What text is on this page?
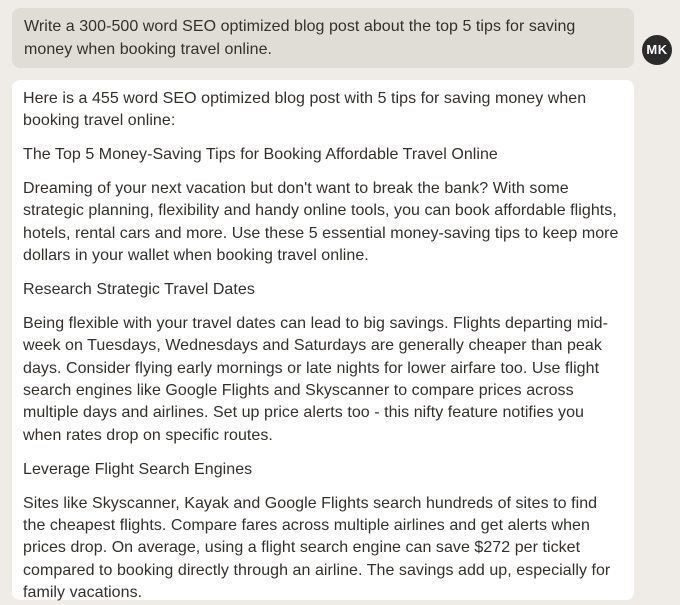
Write a 300-500 word SEO optimized blog post about the top 5 tips for saving money when booking travel online.	MK

Here is a 455 word SEO optimized blog post with 5 tips for saving money when booking travel online:

The Top 5 Money-Saving Tips for Booking Affordable Travel Online

Dreaming of your next vacation but don't want to break the bank? With some strategic planning, flexibility and handy online tools, you can book affordable flights, hotels, rental cars and more. Use these 5 essential money-saving tips to keep more dollars in your wallet when booking travel online.

Research Strategic Travel Dates

Being flexible with your travel dates can lead to big savings. Flights departing mid-week on Tuesdays, Wednesdays and Saturdays are generally cheaper than peak days. Consider flying early mornings or late nights for lower airfare too. Use flight search engines like Google Flights and Skyscanner to compare prices across multiple days and airlines. Set up price alerts too - this nifty feature notifies you when rates drop on specific routes.

Leverage Flight Search Engines

Sites like Skyscanner, Kayak and Google Flights search hundreds of sites to find the cheapest flights. Compare fares across multiple airlines and get alerts when prices drop. On average, using a flight search engine can save $272 per ticket compared to booking directly through an airline. The savings add up, especially for family vacations.
